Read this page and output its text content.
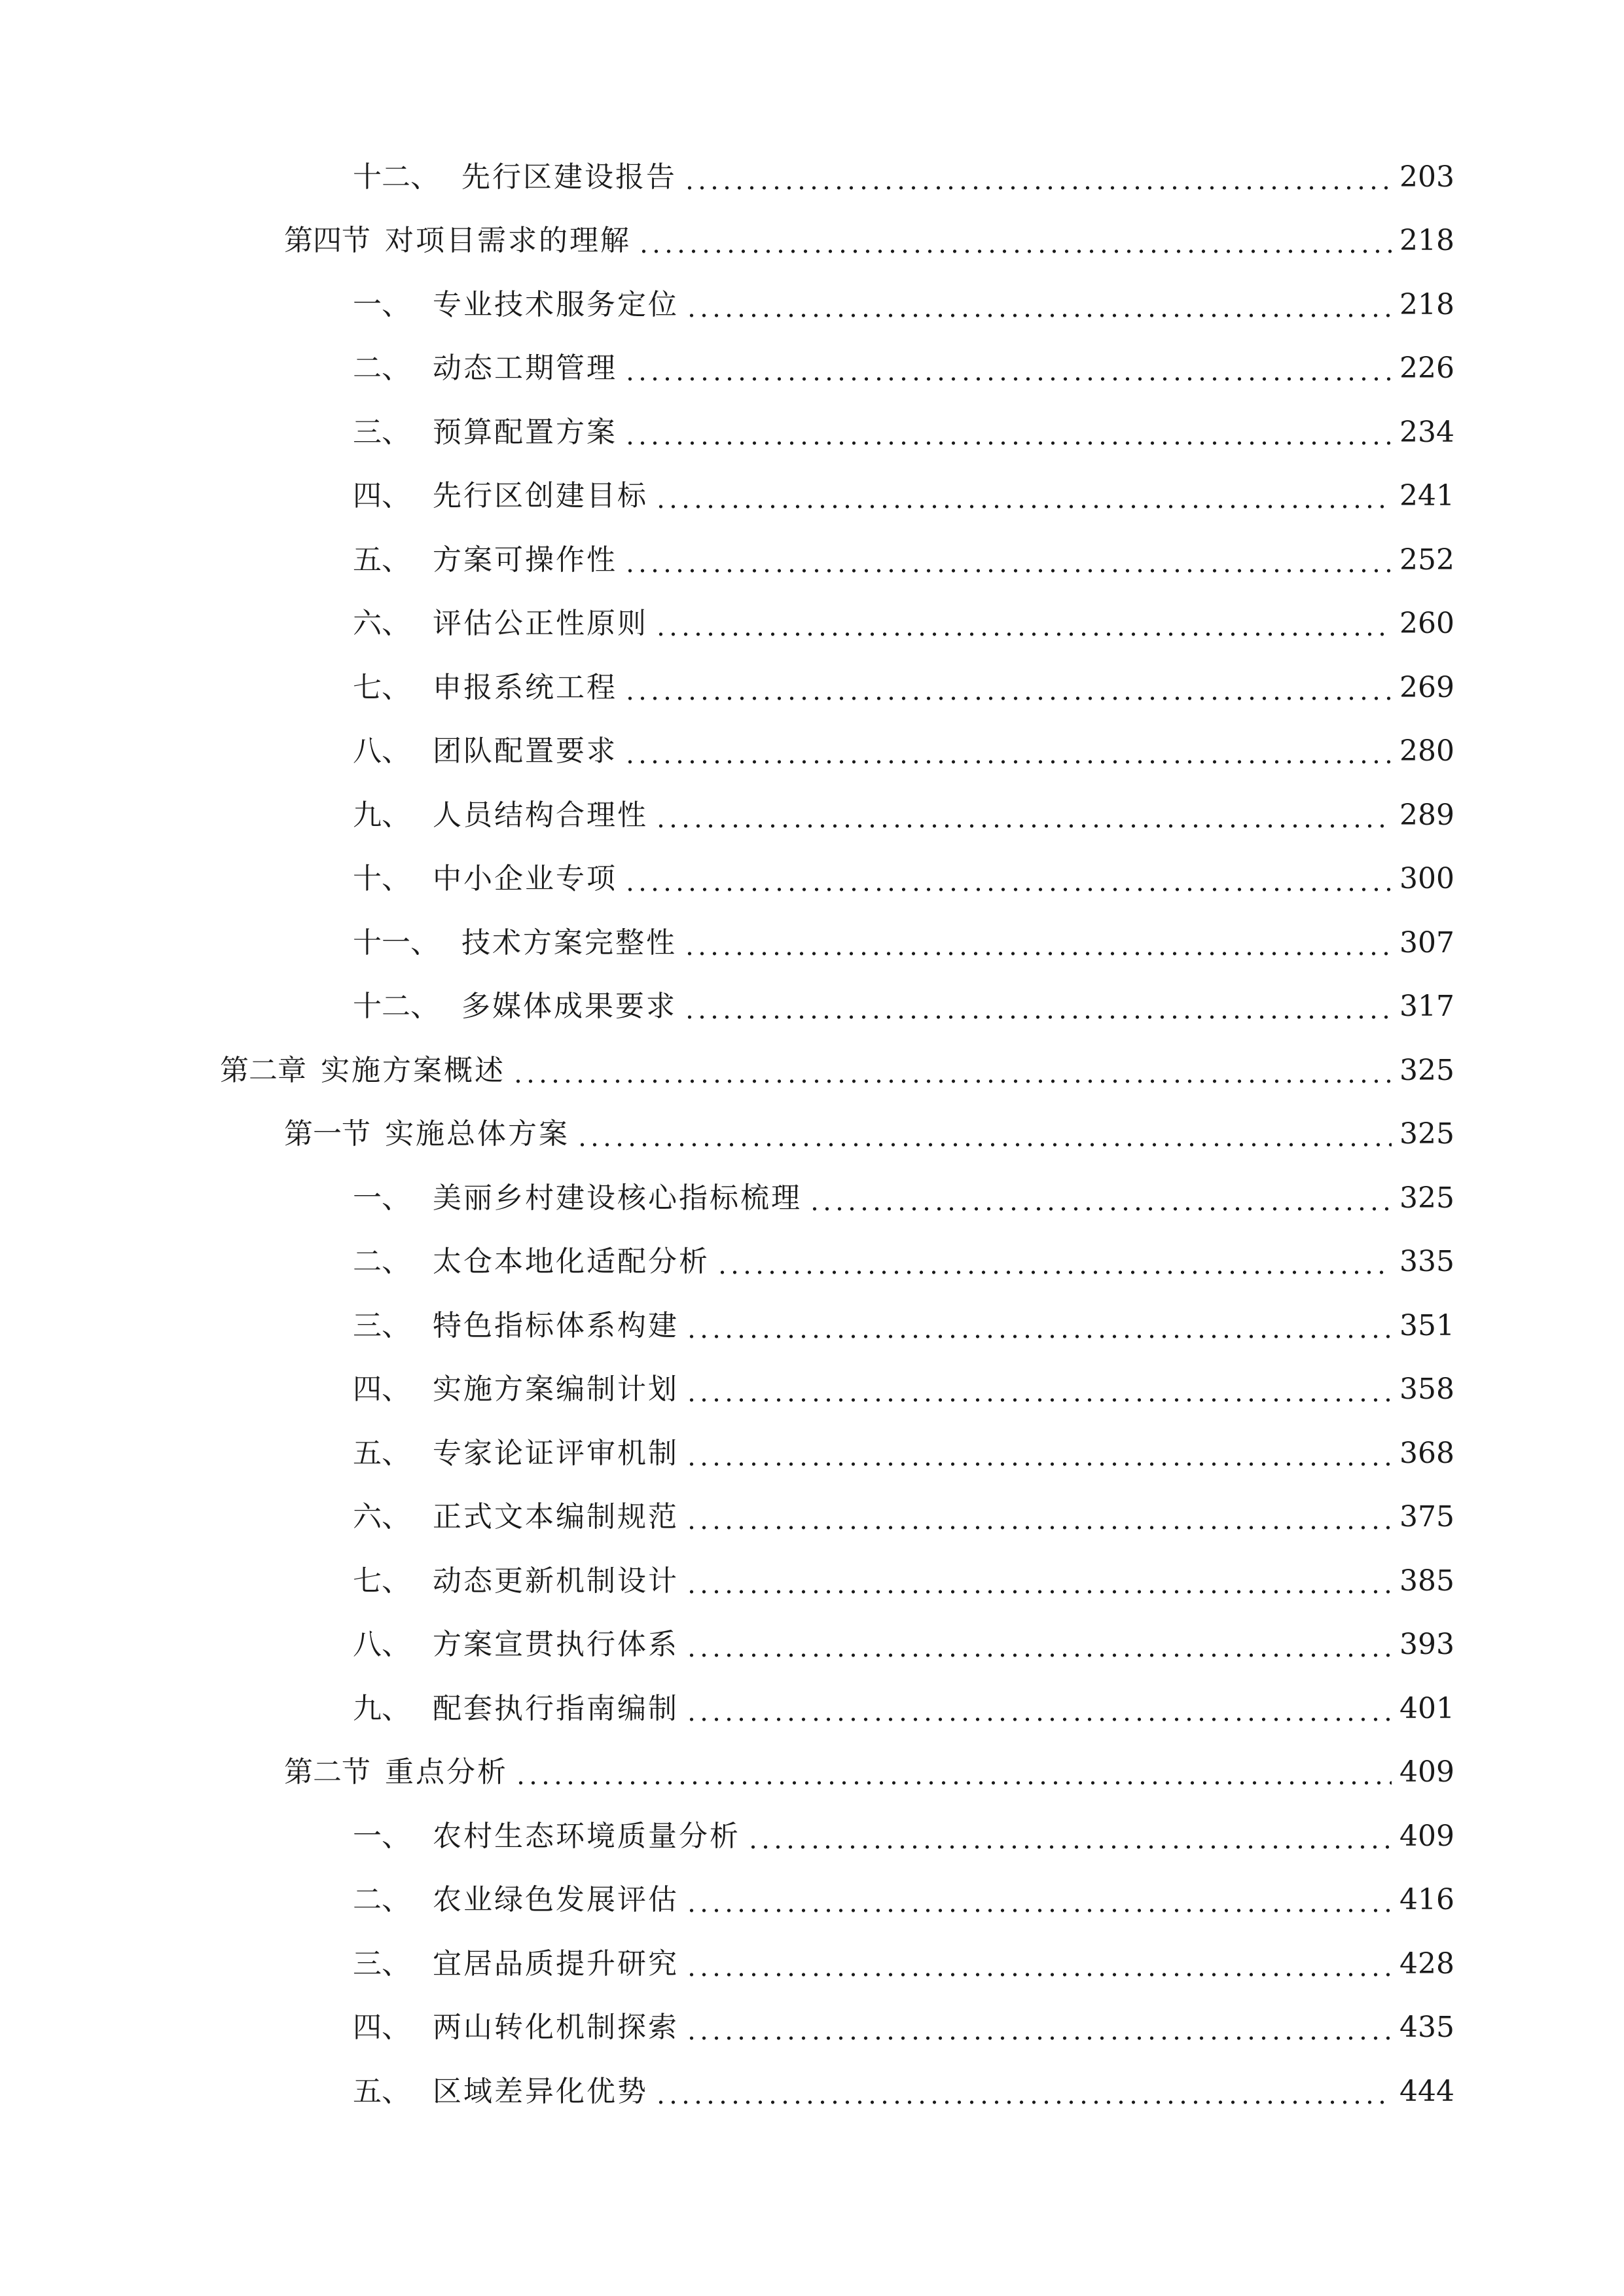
十二、 先行区建设报告	203
第四节 对项目需求的理解	218
一、 专业技术服务定位	218
二、 动态工期管理	226
三、 预算配置方案	234
四、 先行区创建目标	241
五、 方案可操作性	252
六、 评估公正性原则	260
七、 申报系统工程	269
八、 团队配置要求	280
九、 人员结构合理性	289
十、 中小企业专项	300
十一、 技术方案完整性	307
十二、 多媒体成果要求	317
第二章 实施方案概述	325
第一节 实施总体方案	325
一、 美丽乡村建设核心指标梳理	325
二、 太仓本地化适配分析	335
三、 特色指标体系构建	351
四、 实施方案编制计划	358
五、 专家论证评审机制	368
六、 正式文本编制规范	375
七、 动态更新机制设计	385
八、 方案宣贯执行体系	393
九、 配套执行指南编制	401
第二节 重点分析	409
一、 农村生态环境质量分析	409
二、 农业绿色发展评估	416
三、 宜居品质提升研究	428
四、 两山转化机制探索	435
五、 区域差异化优势	444
